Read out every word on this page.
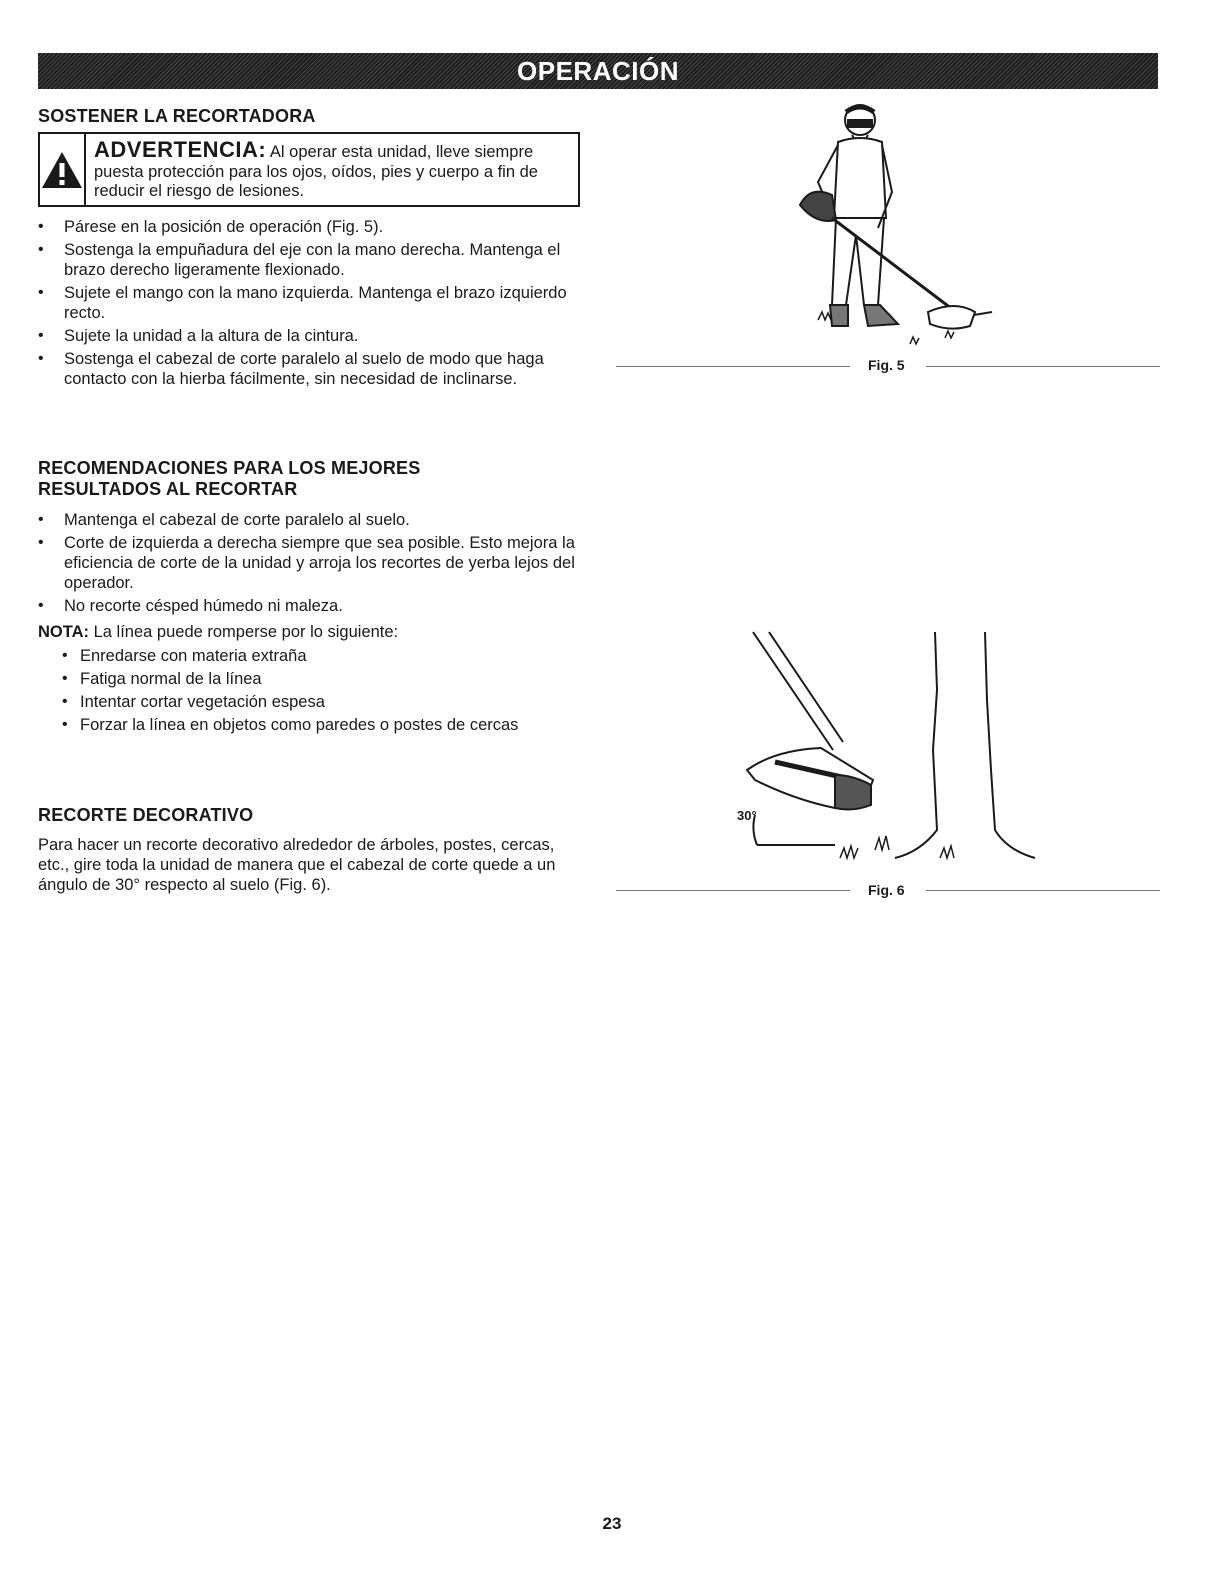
OPERACIÓN
SOSTENER LA RECORTADORA
ADVERTENCIA: Al operar esta unidad, lleve siempre puesta protección para los ojos, oídos, pies y cuerpo a fin de reducir el riesgo de lesiones.
• Párese en la posición de operación (Fig. 5).
• Sostenga la empuñadura del eje con la mano derecha. Mantenga el brazo derecho ligeramente flexionado.
• Sujete el mango con la mano izquierda. Mantenga el brazo izquierdo recto.
• Sujete la unidad a la altura de la cintura.
• Sostenga el cabezal de corte paralelo al suelo de modo que haga contacto con la hierba fácilmente, sin necesidad de inclinarse.
Fig. 5
RECOMENDACIONES PARA LOS MEJORES
RESULTADOS AL RECORTAR
• Mantenga el cabezal de corte paralelo al suelo.
• Corte de izquierda a derecha siempre que sea posible. Esto mejora la eficiencia de corte de la unidad y arroja los recortes de yerba lejos del operador.
• No recorte césped húmedo ni maleza.

NOTA: La línea puede romperse por lo siguiente:

• Enredarse con materia extraña
• Fatiga normal de la línea
• Intentar cortar vegetación espesa
• Forzar la línea en objetos como paredes o postes de cercas
RECORTE DECORATIVO

Para hacer un recorte decorativo alrededor de árboles, postes, cercas, etc., gire toda la unidad de manera que el cabezal de corte quede a un ángulo de 30° respecto al suelo (Fig. 6).

30°
Fig. 6
23
